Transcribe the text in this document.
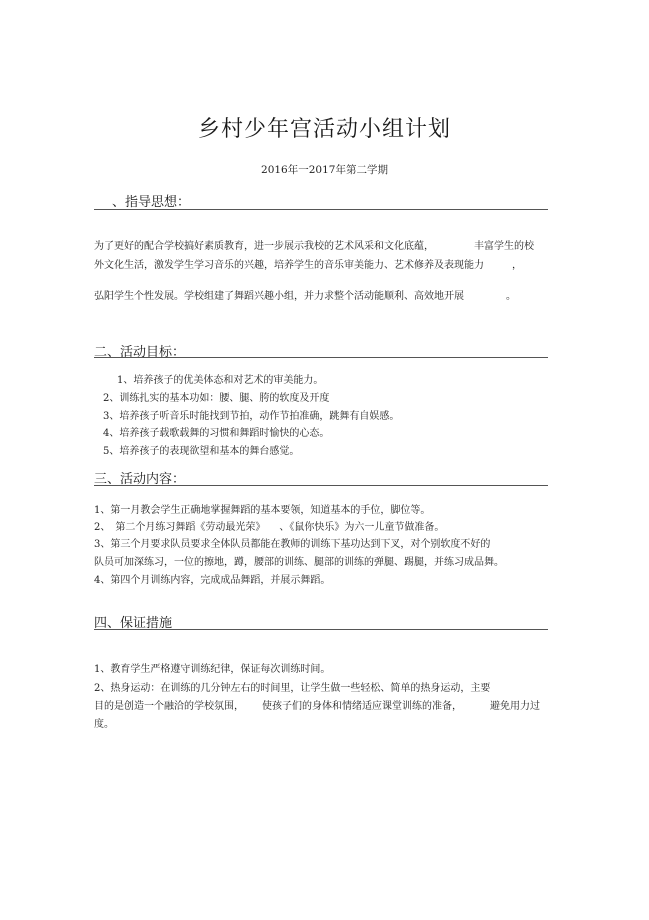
乡村少年宫活动小组计划
2016年一2017年第二学期
、指导思想：
为了更好的配合学校搞好素质教育，进一步展示我校的艺术风采和文化底蕴，	丰富学生的校
外文化生活，激发学生学习音乐的兴趣，培养学生的音乐审美能力、艺术修养及表现能力	，
弘阳学生个性发展。学校组建了舞蹈兴趣小组，并力求整个活动能顺利、高效地开展	。
二、活动目标：
1、培养孩子的优美体态和对艺术的审美能力。
2、训练扎实的基本功如：腰、腿、胯的软度及开度
3、培养孩子听音乐时能找到节拍，动作节拍准确，跳舞有自娱感。
4、培养孩子载歌载舞的习惯和舞蹈时愉快的心态。
5、培养孩子的表现欲望和基本的舞台感觉。
三、活动内容：
1、第一月教会学生正确地掌握舞蹈的基本要领，知道基本的手位，脚位等。
2、　第二个月练习舞蹈《劳动最光荣》 、《鼠你快乐》为六一儿童节做准备。
3、第三个月要求队员要求全体队员都能在教师的训练下基功达到下叉，对个别软度不好的
队员可加深练习，一位的擦地，蹲，腰部的训练、腿部的训练的弹腿、踢腿，并练习成品舞。
4、第四个月训练内容，完成成品舞蹈，并展示舞蹈。
四、保证措施
1、教育学生严格遵守训练纪律，保证每次训练时间。
2、热身运动：在训练的几分钟左右的时间里，让学生做一些轻松、简单的热身运动，主要
目的是创造一个融洽的学校氛围， 使孩子们的身体和情绪适应课堂训练的准备，	避免用力过
度。
